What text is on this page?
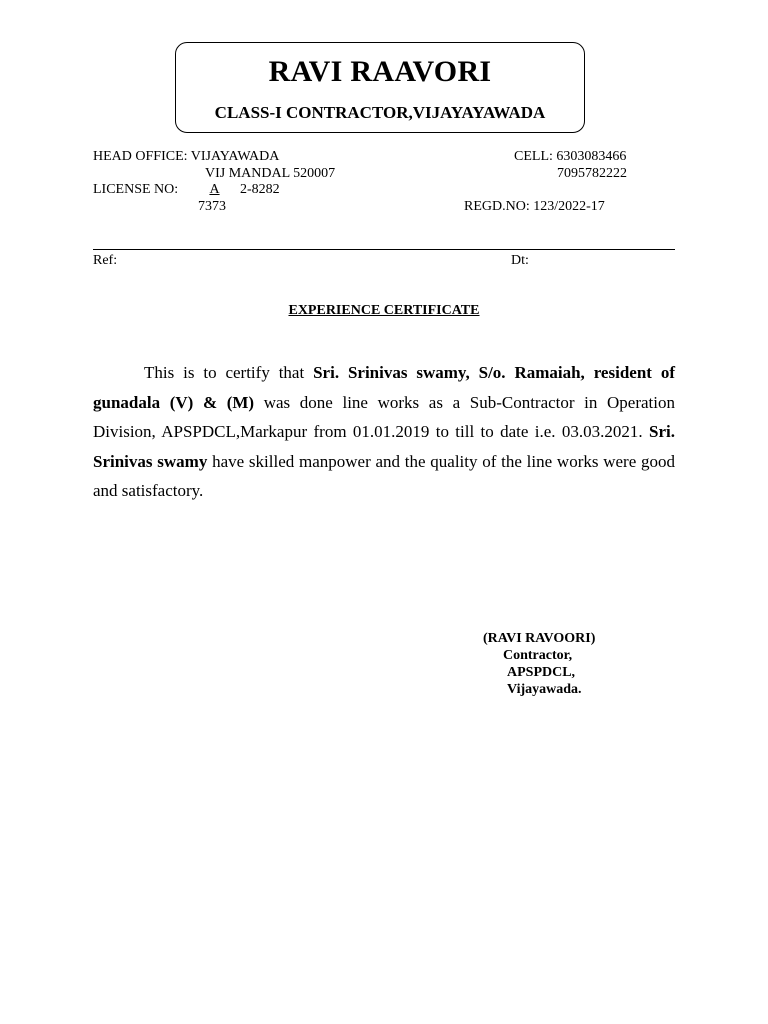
RAVI RAAVORI
CLASS-I CONTRACTOR,VIJAYAYAWADA
HEAD OFFICE: VIJAYAWADA
VIJ MANDAL 520007
LICENSE NO:	A	2-8282
7373
CELL: 6303083466
7095782222
REGD.NO: 123/2022-17
Ref:	Dt:
EXPERIENCE CERTIFICATE
This is to certify that Sri. Srinivas swamy, S/o. Ramaiah, resident of gunadala (V) & (M) was done line works as a Sub-Contractor in Operation Division, APSPDCL,Markapur from 01.01.2019 to till to date i.e. 03.03.2021. Sri. Srinivas swamy have skilled manpower and the quality of the line works were good and satisfactory.
(RAVI RAVOORI)
Contractor,
APSPDCL,
Vijayawada.
